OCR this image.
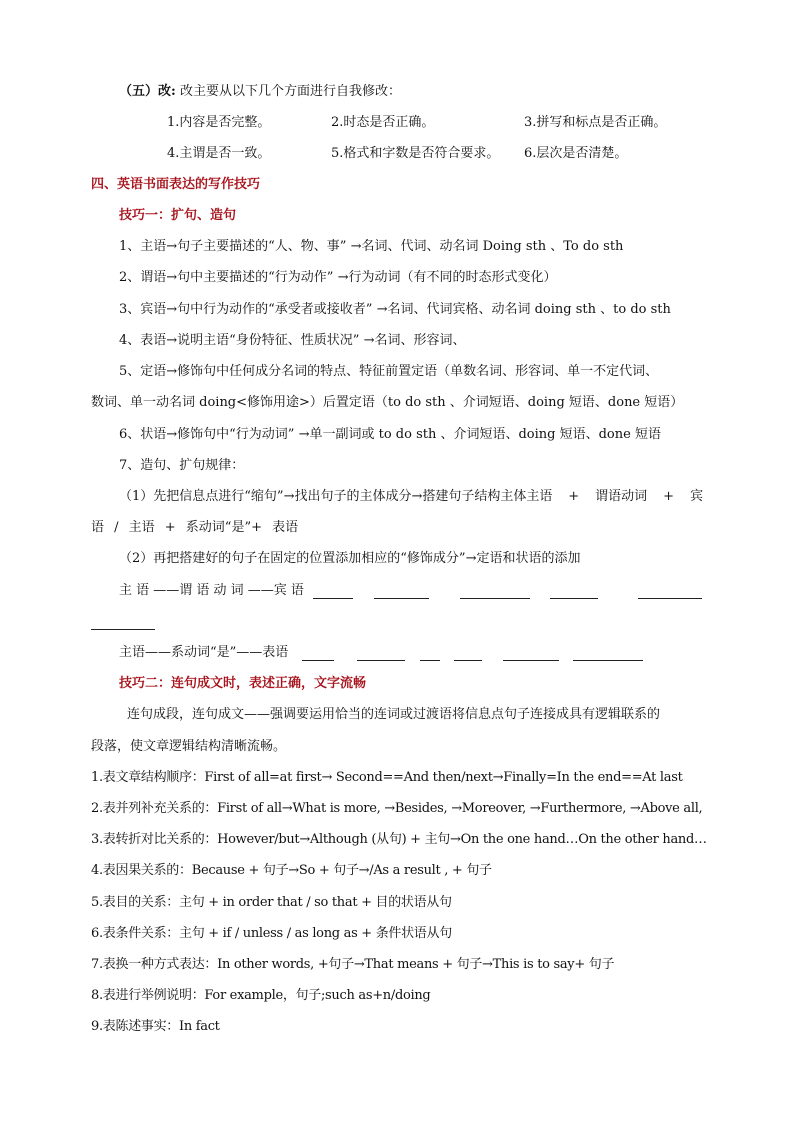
（五）改: 改主要从以下几个方面进行自我修改：
1.内容是否完整。	2.时态是否正确。	3.拼写和标点是否正确。
4.主谓是否一致。	5.格式和字数是否符合要求。 6.层次是否清楚。
四、英语书面表达的写作技巧
技巧一：扩句、造句
1、主语→句子主要描述的“人、物、事” →名词、代词、动名词 Doing sth 、To do sth
2、谓语→句中主要描述的“行为动作” →行为动词（有不同的时态形式变化）
3、宾语→句中行为动作的“承受者或接收者” →名词、代词宾格、动名词 doing sth 、to do sth
4、表语→说明主语“身份特征、性质状况” →名词、形容词、
5、定语→修饰句中任何成分名词的特点、特征前置定语（单数名词、形容词、单一不定代词、
数词、单一动名词 doing<修饰用途>）后置定语（to do sth 、介词短语、doing 短语、done 短语）
6、状语→修饰句中“行为动词” →单一副词或 to do sth 、介词短语、doing 短语、done 短语
7、造句、扩句规律：
（1）先把信息点进行“缩句”→找出句子的主体成分→搭建句子结构主体主语 + 谓语动词 + 宾
语 / 主语 + 系动词“是”+ 表语
（2）再把搭建好的句子在固定的位置添加相应的“修饰成分”→定语和状语的添加
主 语 ——谓 语 动 词 ——宾 语
主语——系动词“是”——表语
技巧二：连句成文时，表述正确，文字流畅
连句成段，连句成文——强调要运用恰当的连词或过渡语将信息点句子连接成具有逻辑联系的
段落，使文章逻辑结构清晰流畅。
1.表文章结构顺序：First of all=at first→ Second==And then/next→Finally=In the end==At last
2.表并列补充关系的：First of all→What is more, →Besides, →Moreover, →Furthermore, →Above all,
3.表转折对比关系的：However/but→Although (从句) + 主句→On the one hand…On the other hand…
4.表因果关系的：Because + 句子→So + 句子→/As a result , + 句子
5.表目的关系：主句 + in order that / so that + 目的状语从句
6.表条件关系：主句 + if / unless / as long as + 条件状语从句
7.表换一种方式表达：In other words, +句子→That means + 句子→This is to say+ 句子
8.表进行举例说明：For example，句子;such as+n/doing
9.表陈述事实：In fact
